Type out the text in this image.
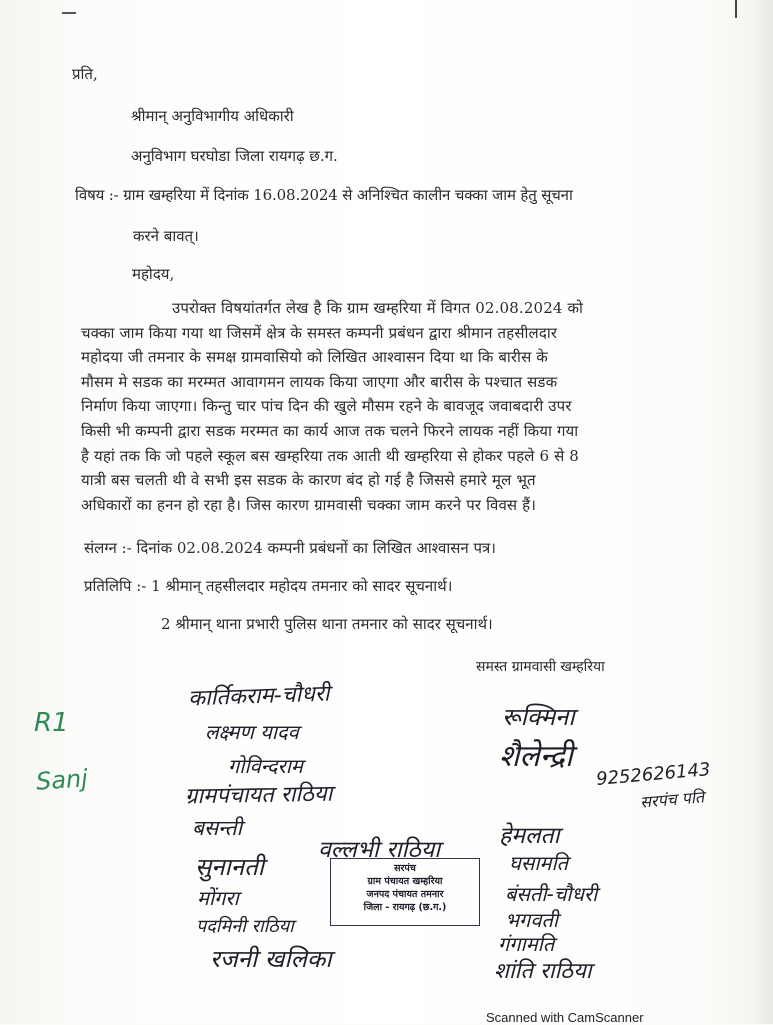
प्रति,
श्रीमान् अनुविभागीय अधिकारी
अनुविभाग घरघोडा जिला रायगढ़ छ.ग.
विषय :- ग्राम खम्हरिया में दिनांक 16.08.2024 से अनिश्चित कालीन चक्का जाम हेतु सूचना
करने बावत्।
महोदय,
उपरोक्त विषयांतर्गत लेख है कि ग्राम खम्हरिया में विगत 02.08.2024 को
चक्का जाम किया गया था जिसमें क्षेत्र के समस्त कम्पनी प्रबंधन द्वारा श्रीमान तहसीलदार
महोदया जी तमनार के समक्ष ग्रामवासियो को लिखित आश्वासन दिया था कि बारीस के
मौसम मे सडक का मरम्मत आवागमन लायक किया जाएगा और बारीस के पश्चात सडक
निर्माण किया जाएगा। किन्तु चार पांच दिन की खुले मौसम रहने के बावजूद जवाबदारी उपर
किसी भी कम्पनी द्वारा सडक मरम्मत का कार्य आज तक चलने फिरने लायक नहीं किया गया
है यहां तक कि जो पहले स्कूल बस खम्हरिया तक आती थी खम्हरिया से होकर पहले 6 से 8
यात्री बस चलती थी वे सभी इस सडक के कारण बंद हो गई है जिससे हमारे मूल भूत
अधिकारों का हनन हो रहा है। जिस कारण ग्रामवासी चक्का जाम करने पर विवस हैं।
संलग्न :- दिनांक 02.08.2024 कम्पनी प्रबंधनों का लिखित आश्वासन पत्र।
प्रतिलिपि :- 1 श्रीमान् तहसीलदार महोदय तमनार को सादर सूचनार्थ।
2 श्रीमान् थाना प्रभारी पुलिस थाना तमनार को सादर सूचनार्थ।
समस्त ग्रामवासी खम्हरिया
कार्तिकराम-चौधरी
लक्ष्मण यादव
गोविन्दराम
ग्रामपंचायत राठिया
बसन्ती
सुनानती
मोंगरा
पदमिनी राठिया
रजनी खलिका
रूक्मिना
शैलेन्द्री
हेमलता
घसामति
बंसती-चौधरी
भगवती
गंगामति
शांति राठिया
9252626143
सरपंच पति
R1
Sanj
वल्लभी राठिया
सरपंच
ग्राम पंचायत खम्हरिया
जनपद पंचायत तमनार
जिला - रायगढ़ (छ.ग.)
Scanned with CamScanner
